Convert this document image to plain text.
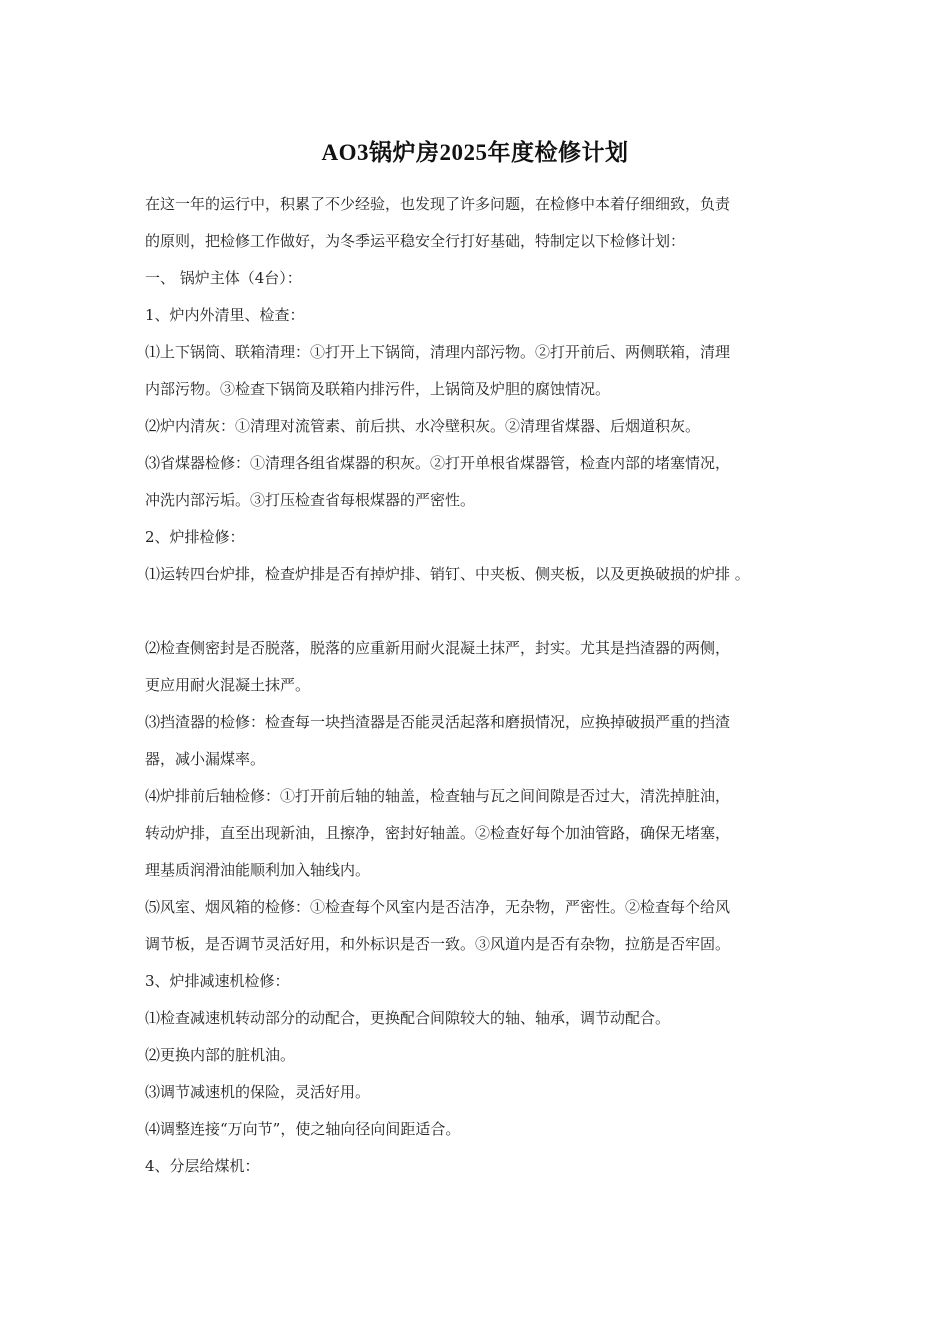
AO3锅炉房2025年度检修计划
在这一年的运行中，积累了不少经验，也发现了许多问题，在检修中本着仔细细致，负责
的原则，把检修工作做好，为冬季运平稳安全行打好基础，特制定以下检修计划：
一、 锅炉主体（4台）：
1、炉内外清里、检查：
⑴上下锅筒、联箱清理：①打开上下锅筒，清理内部污物。②打开前后、两侧联箱，清理
内部污物。③检查下锅筒及联箱内排污件，上锅筒及炉胆的腐蚀情况。
⑵炉内清灰：①清理对流管素、前后拱、水冷壁积灰。②清理省煤器、后烟道积灰。
⑶省煤器检修：①清理各组省煤器的积灰。②打开单根省煤器管，检查内部的堵塞情况，
冲洗内部污垢。③打压检查省每根煤器的严密性。
2、炉排检修：
⑴运转四台炉排，检查炉排是否有掉炉排、销钉、中夹板、侧夹板，以及更换破损的炉排 。
⑵检查侧密封是否脱落，脱落的应重新用耐火混凝土抹严，封实。尤其是挡渣器的两侧，
更应用耐火混凝土抹严。
⑶挡渣器的检修：检查每一块挡渣器是否能灵活起落和磨损情况，应换掉破损严重的挡渣
器，减小漏煤率。
⑷炉排前后轴检修：①打开前后轴的轴盖，检查轴与瓦之间间隙是否过大，清洗掉脏油，
转动炉排，直至出现新油，且擦净，密封好轴盖。②检查好每个加油管路，确保无堵塞，
理基质润滑油能顺利加入轴线内。
⑸风室、烟风箱的检修：①检查每个风室内是否洁净，无杂物，严密性。②检查每个给风
调节板，是否调节灵活好用，和外标识是否一致。③风道内是否有杂物，拉筋是否牢固。
3、炉排减速机检修：
⑴检查减速机转动部分的动配合，更换配合间隙较大的轴、轴承，调节动配合。
⑵更换内部的脏机油。
⑶调节减速机的保险，灵活好用。
⑷调整连接“万向节”，使之轴向径向间距适合。
4、分层给煤机：
